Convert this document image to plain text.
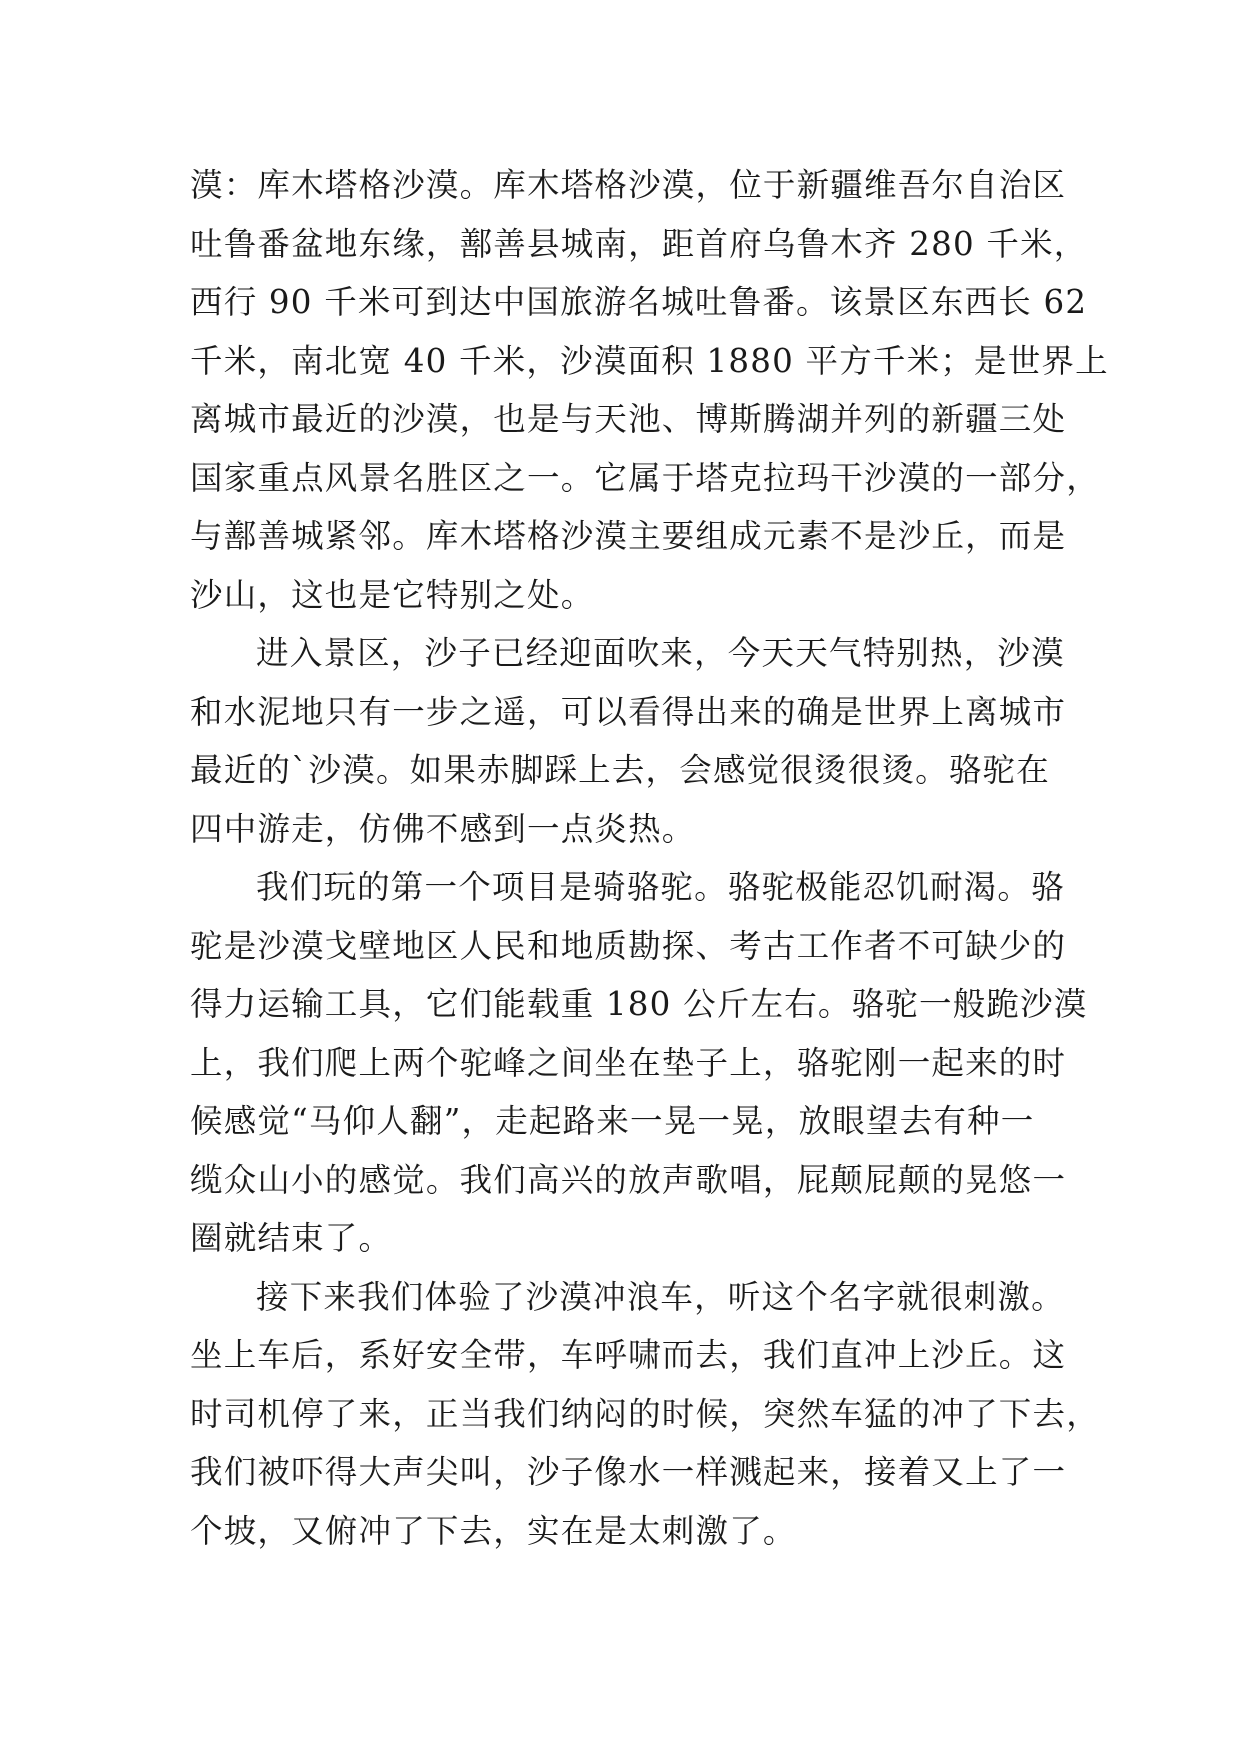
漠：库木塔格沙漠。库木塔格沙漠，位于新疆维吾尔自治区
吐鲁番盆地东缘，鄯善县城南，距首府乌鲁木齐 280 千米，
西行 90 千米可到达中国旅游名城吐鲁番。该景区东西长 62
千米，南北宽 40 千米，沙漠面积 1880 平方千米；是世界上
离城市最近的沙漠，也是与天池、博斯腾湖并列的新疆三处
国家重点风景名胜区之一。它属于塔克拉玛干沙漠的一部分，
与鄯善城紧邻。库木塔格沙漠主要组成元素不是沙丘，而是
沙山，这也是它特别之处。
进入景区，沙子已经迎面吹来，今天天气特别热，沙漠
和水泥地只有一步之遥，可以看得出来的确是世界上离城市
最近的`沙漠。如果赤脚踩上去，会感觉很烫很烫。骆驼在
四中游走，仿佛不感到一点炎热。
我们玩的第一个项目是骑骆驼。骆驼极能忍饥耐渴。骆
驼是沙漠戈壁地区人民和地质勘探、考古工作者不可缺少的
得力运输工具，它们能载重 180 公斤左右。骆驼一般跪沙漠
上，我们爬上两个驼峰之间坐在垫子上，骆驼刚一起来的时
候感觉“马仰人翻”，走起路来一晃一晃，放眼望去有种一
缆众山小的感觉。我们高兴的放声歌唱，屁颠屁颠的晃悠一
圈就结束了。
接下来我们体验了沙漠冲浪车，听这个名字就很刺激。
坐上车后，系好安全带，车呼啸而去，我们直冲上沙丘。这
时司机停了来，正当我们纳闷的时候，突然车猛的冲了下去，
我们被吓得大声尖叫，沙子像水一样溅起来，接着又上了一
个坡，又俯冲了下去，实在是太刺激了。
